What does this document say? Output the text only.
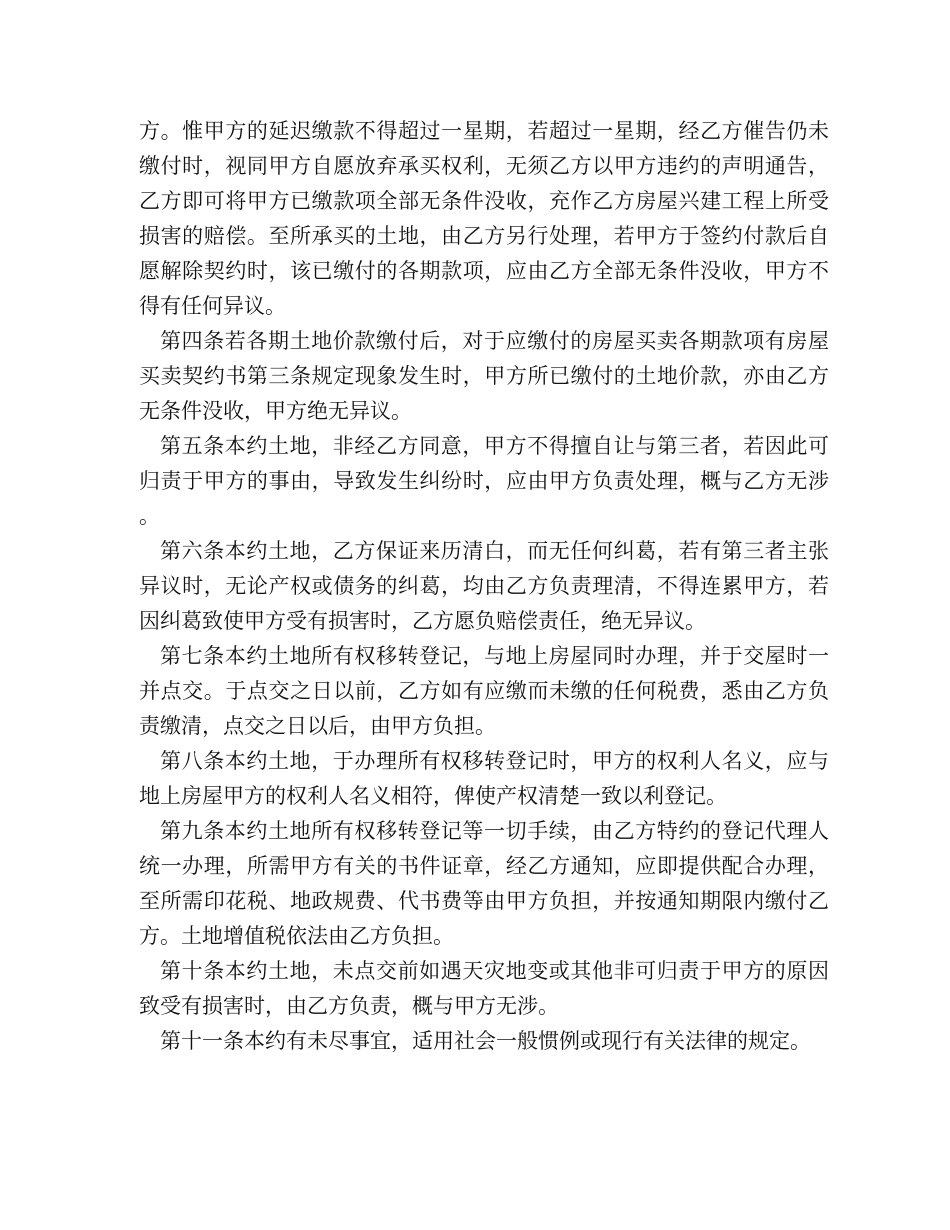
方。惟甲方的延迟缴款不得超过一星期，若超过一星期，经乙方催告仍未缴付时，视同甲方自愿放弃承买权利，无须乙方以甲方违约的声明通告，乙方即可将甲方已缴款项全部无条件没收，充作乙方房屋兴建工程上所受损害的赔偿。至所承买的土地，由乙方另行处理，若甲方于签约付款后自愿解除契约时，该已缴付的各期款项，应由乙方全部无条件没收，甲方不得有任何异议。

第四条若各期土地价款缴付后，对于应缴付的房屋买卖各期款项有房屋买卖契约书第三条规定现象发生时，甲方所已缴付的土地价款，亦由乙方无条件没收，甲方绝无异议。

第五条本约土地，非经乙方同意，甲方不得擅自让与第三者，若因此可归责于甲方的事由，导致发生纠纷时，应由甲方负责处理，概与乙方无涉。

第六条本约土地，乙方保证来历清白，而无任何纠葛，若有第三者主张异议时，无论产权或债务的纠葛，均由乙方负责理清，不得连累甲方，若因纠葛致使甲方受有损害时，乙方愿负赔偿责任，绝无异议。

第七条本约土地所有权移转登记，与地上房屋同时办理，并于交屋时一并点交。于点交之日以前，乙方如有应缴而未缴的任何税费，悉由乙方负责缴清，点交之日以后，由甲方负担。

第八条本约土地，于办理所有权移转登记时，甲方的权利人名义，应与地上房屋甲方的权利人名义相符，俾使产权清楚一致以利登记。

第九条本约土地所有权移转登记等一切手续，由乙方特约的登记代理人统一办理，所需甲方有关的书件证章，经乙方通知，应即提供配合办理，至所需印花税、地政规费、代书费等由甲方负担，并按通知期限内缴付乙方。土地增值税依法由乙方负担。

第十条本约土地，未点交前如遇天灾地变或其他非可归责于甲方的原因致受有损害时，由乙方负责，概与甲方无涉。

第十一条本约有未尽事宜，适用社会一般惯例或现行有关法律的规定。
